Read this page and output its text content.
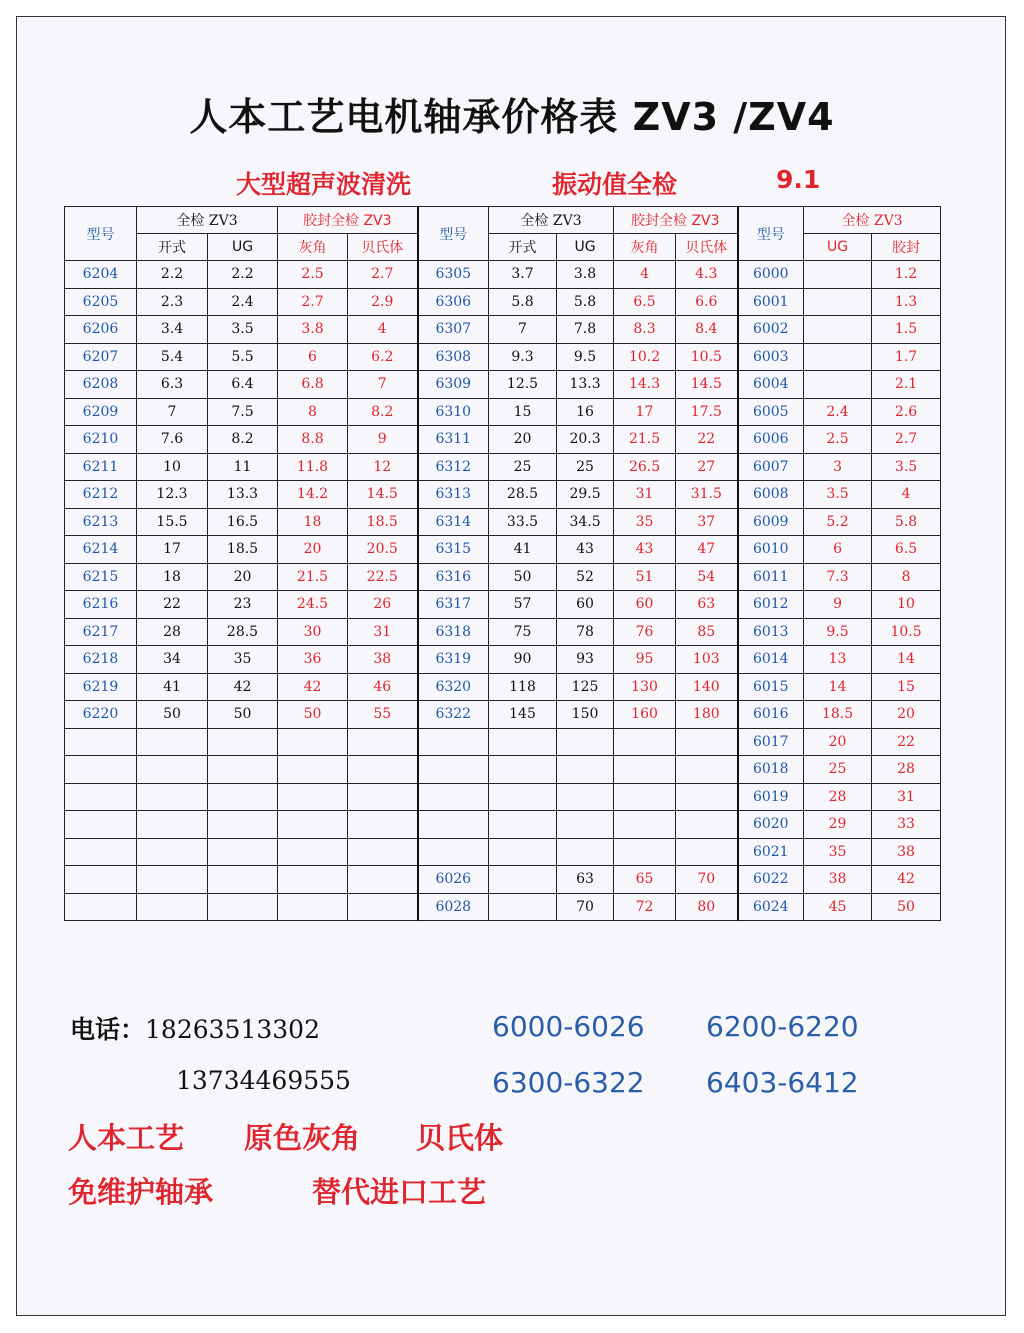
人本工艺电机轴承价格表 ZV3 /ZV4
大型超声波清洗	振动值全检	9.1
型号	全检 ZV3		胶封全检 ZV3		型号	全检 ZV3		胶封全检 ZV3		型号	全检 ZV3	
	开式	UG	灰角	贝氏体		开式	UG	灰角	贝氏体		UG	胶封
6204	2.2	2.2	2.5	2.7	6305	3.7	3.8	4	4.3	6000		1.2
6205	2.3	2.4	2.7	2.9	6306	5.8	5.8	6.5	6.6	6001		1.3
6206	3.4	3.5	3.8	4	6307	7	7.8	8.3	8.4	6002		1.5
6207	5.4	5.5	6	6.2	6308	9.3	9.5	10.2	10.5	6003		1.7
6208	6.3	6.4	6.8	7	6309	12.5	13.3	14.3	14.5	6004		2.1
6209	7	7.5	8	8.2	6310	15	16	17	17.5	6005	2.4	2.6
6210	7.6	8.2	8.8	9	6311	20	20.3	21.5	22	6006	2.5	2.7
6211	10	11	11.8	12	6312	25	25	26.5	27	6007	3	3.5
6212	12.3	13.3	14.2	14.5	6313	28.5	29.5	31	31.5	6008	3.5	4
6213	15.5	16.5	18	18.5	6314	33.5	34.5	35	37	6009	5.2	5.8
6214	17	18.5	20	20.5	6315	41	43	43	47	6010	6	6.5
6215	18	20	21.5	22.5	6316	50	52	51	54	6011	7.3	8
6216	22	23	24.5	26	6317	57	60	60	63	6012	9	10
6217	28	28.5	30	31	6318	75	78	76	85	6013	9.5	10.5
6218	34	35	36	38	6319	90	93	95	103	6014	13	14
6219	41	42	42	46	6320	118	125	130	140	6015	14	15
6220	50	50	50	55	6322	145	150	160	180	6016	18.5	20
										6017	20	22
										6018	25	28
										6019	28	31
										6020	29	33
										6021	35	38
					6026		63	65	70	6022	38	42
					6028		70	72	80	6024	45	50
电话：18263513302
13734469555
6000-6026 6200-6220
6300-6322 6403-6412
人本工艺 原色灰角 贝氏体
免维护轴承	替代进口工艺
